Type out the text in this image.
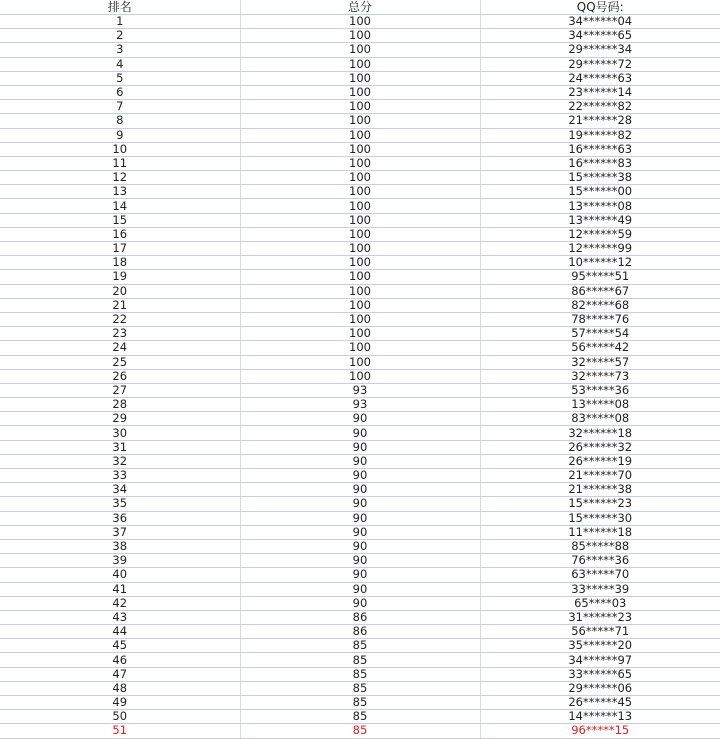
排名	总分	QQ号码:
1	100	34******04
2	100	34******65
3	100	29******34
4	100	29******72
5	100	24******63
6	100	23******14
7	100	22******82
8	100	21******28
9	100	19******82
10	100	16******63
11	100	16******83
12	100	15******38
13	100	15******00
14	100	13******08
15	100	13******49
16	100	12******59
17	100	12******99
18	100	10******12
19	100	95*****51
20	100	86*****67
21	100	82*****68
22	100	78*****76
23	100	57*****54
24	100	56*****42
25	100	32*****57
26	100	32*****73
27	93	53*****36
28	93	13*****08
29	90	83*****08
30	90	32******18
31	90	26******32
32	90	26******19
33	90	21******70
34	90	21******38
35	90	15******23
36	90	15******30
37	90	11******18
38	90	85*****88
39	90	76*****36
40	90	63*****70
41	90	33*****39
42	90	65****03
43	86	31******23
44	86	56*****71
45	85	35******20
46	85	34******97
47	85	33******65
48	85	29******06
49	85	26******45
50	85	14******13
51	85	96*****15
